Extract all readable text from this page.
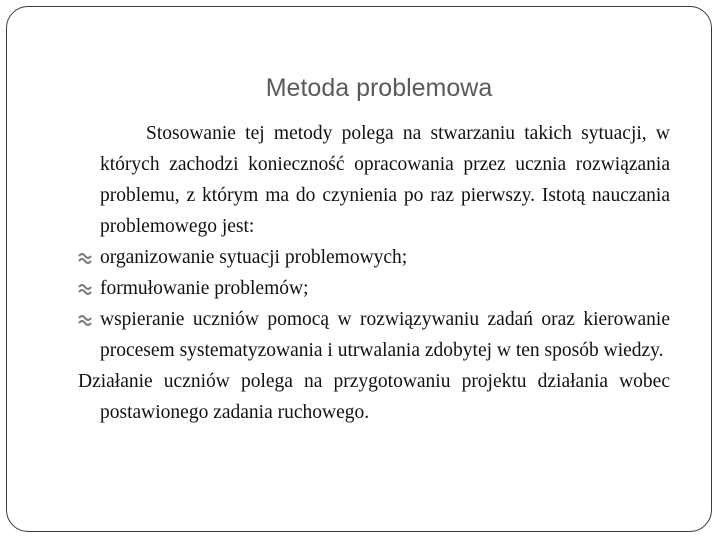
Metoda problemowa

Stosowanie tej metody polega na stwarzaniu takich sytuacji, w których zachodzi konieczność opracowania przez ucznia rozwiązania problemu, z którym ma do czynienia po raz pierwszy. Istotą nauczania problemowego jest:

organizowanie sytuacji problemowych;
formułowanie problemów;
wspieranie uczniów pomocą w rozwiązywaniu zadań oraz kierowanie procesem systematyzowania i utrwalania zdobytej w ten sposób wiedzy.

Działanie uczniów polega na przygotowaniu projektu działania wobec postawionego zadania ruchowego.
